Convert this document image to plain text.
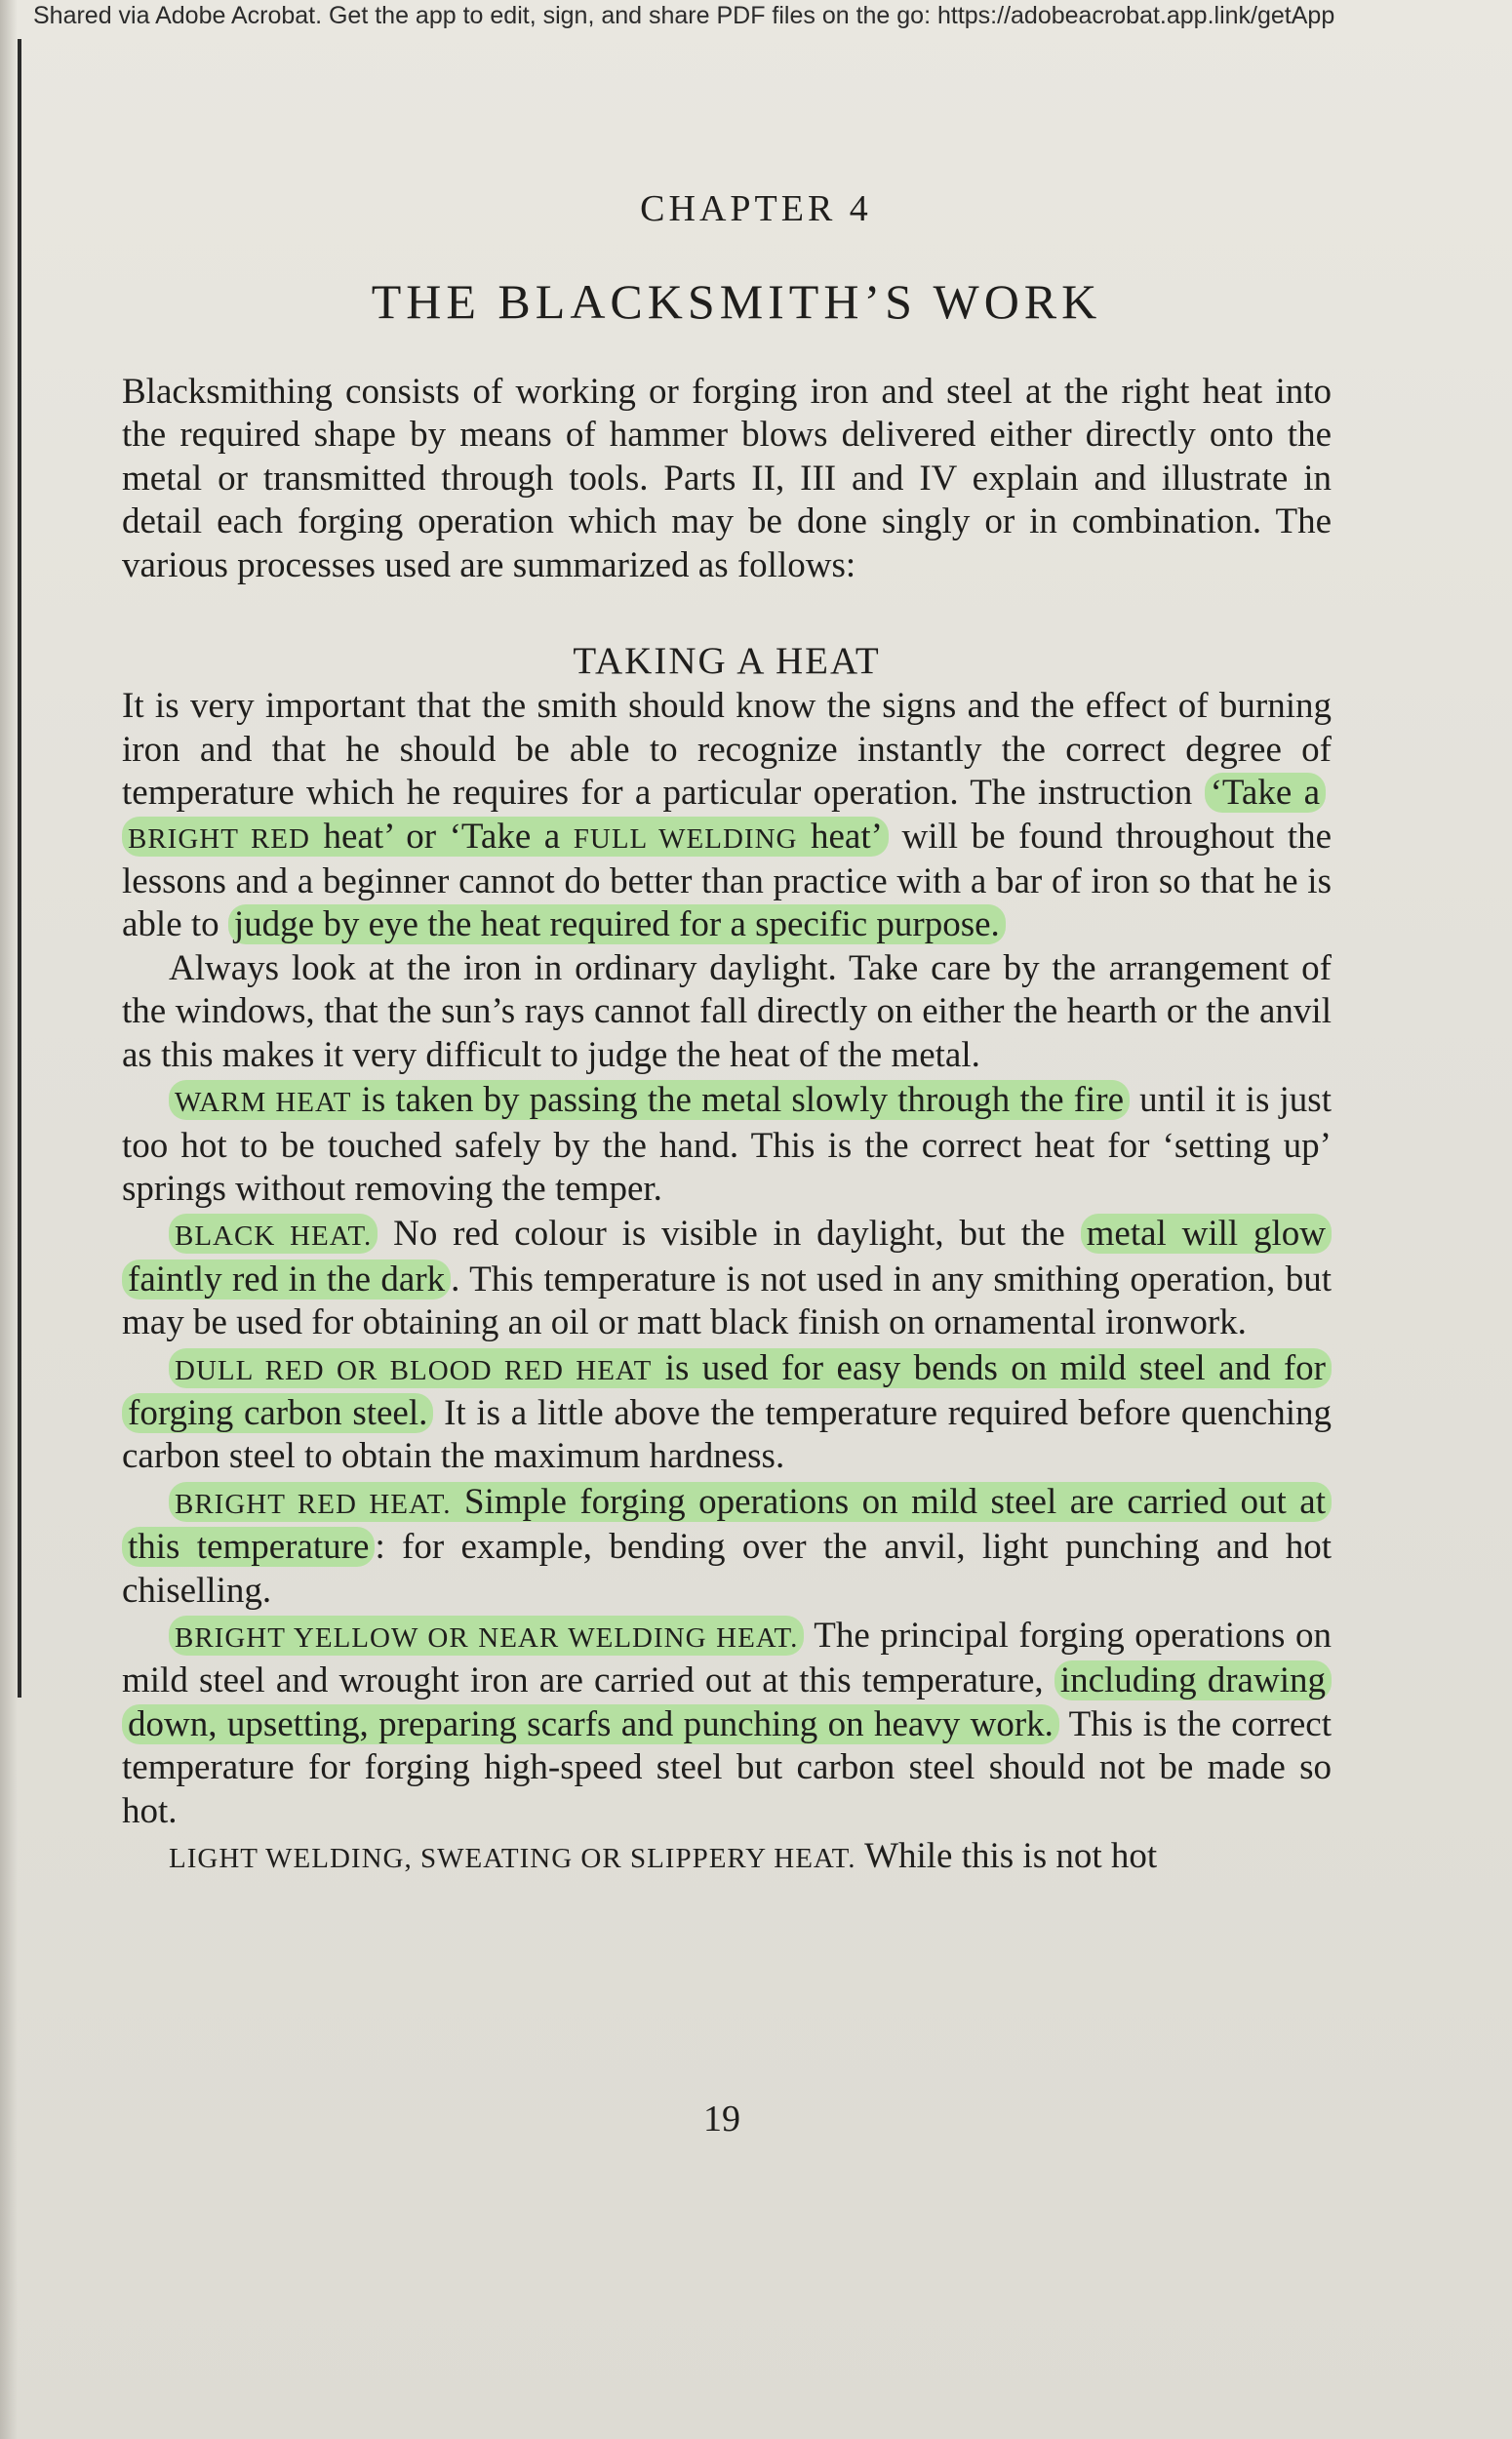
Shared via Adobe Acrobat. Get the app to edit, sign, and share PDF files on the go: https://adobeacrobat.app.link/getApp
CHAPTER 4
THE BLACKSMITH’S WORK

Blacksmithing consists of working or forging iron and steel at the right heat into the required shape by means of hammer blows delivered either directly onto the metal or transmitted through tools. Parts II, III and IV explain and illustrate in detail each forging operation which may be done singly or in combination. The various processes used are summarized as follows:

TAKING A HEAT

It is very important that the smith should know the signs and the effect of burning iron and that he should be able to recognize instantly the correct degree of temperature which he requires for a particular operation. The instruction ‘Take a BRIGHT RED heat’ or ‘Take a FULL WELDING heat’ will be found throughout the lessons and a beginner cannot do better than practice with a bar of iron so that he is able to judge by eye the heat required for a specific purpose.

Always look at the iron in ordinary daylight. Take care by the arrangement of the windows, that the sun’s rays cannot fall directly on either the hearth or the anvil as this makes it very difficult to judge the heat of the metal.

WARM HEAT is taken by passing the metal slowly through the fire until it is just too hot to be touched safely by the hand. This is the correct heat for ‘setting up’ springs without removing the temper.

BLACK HEAT. No red colour is visible in daylight, but the metal will glow faintly red in the dark . This temperature is not used in any smithing operation, but may be used for obtaining an oil or matt black finish on ornamental ironwork.

DULL RED OR BLOOD RED HEAT is used for easy bends on mild steel and for forging carbon steel. It is a little above the temperature required before quenching carbon steel to obtain the maximum hardness.

BRIGHT RED HEAT. Simple forging operations on mild steel are carried out at this temperature : for example, bending over the anvil, light punching and hot chiselling.

BRIGHT YELLOW OR NEAR WELDING HEAT. The principal forging operations on mild steel and wrought iron are carried out at this temperature, including drawing down, upsetting, preparing scarfs and punching on heavy work. This is the correct temperature for forging high-speed steel but carbon steel should not be made so hot.

LIGHT WELDING, SWEATING OR SLIPPERY HEAT. While this is not hot

19
